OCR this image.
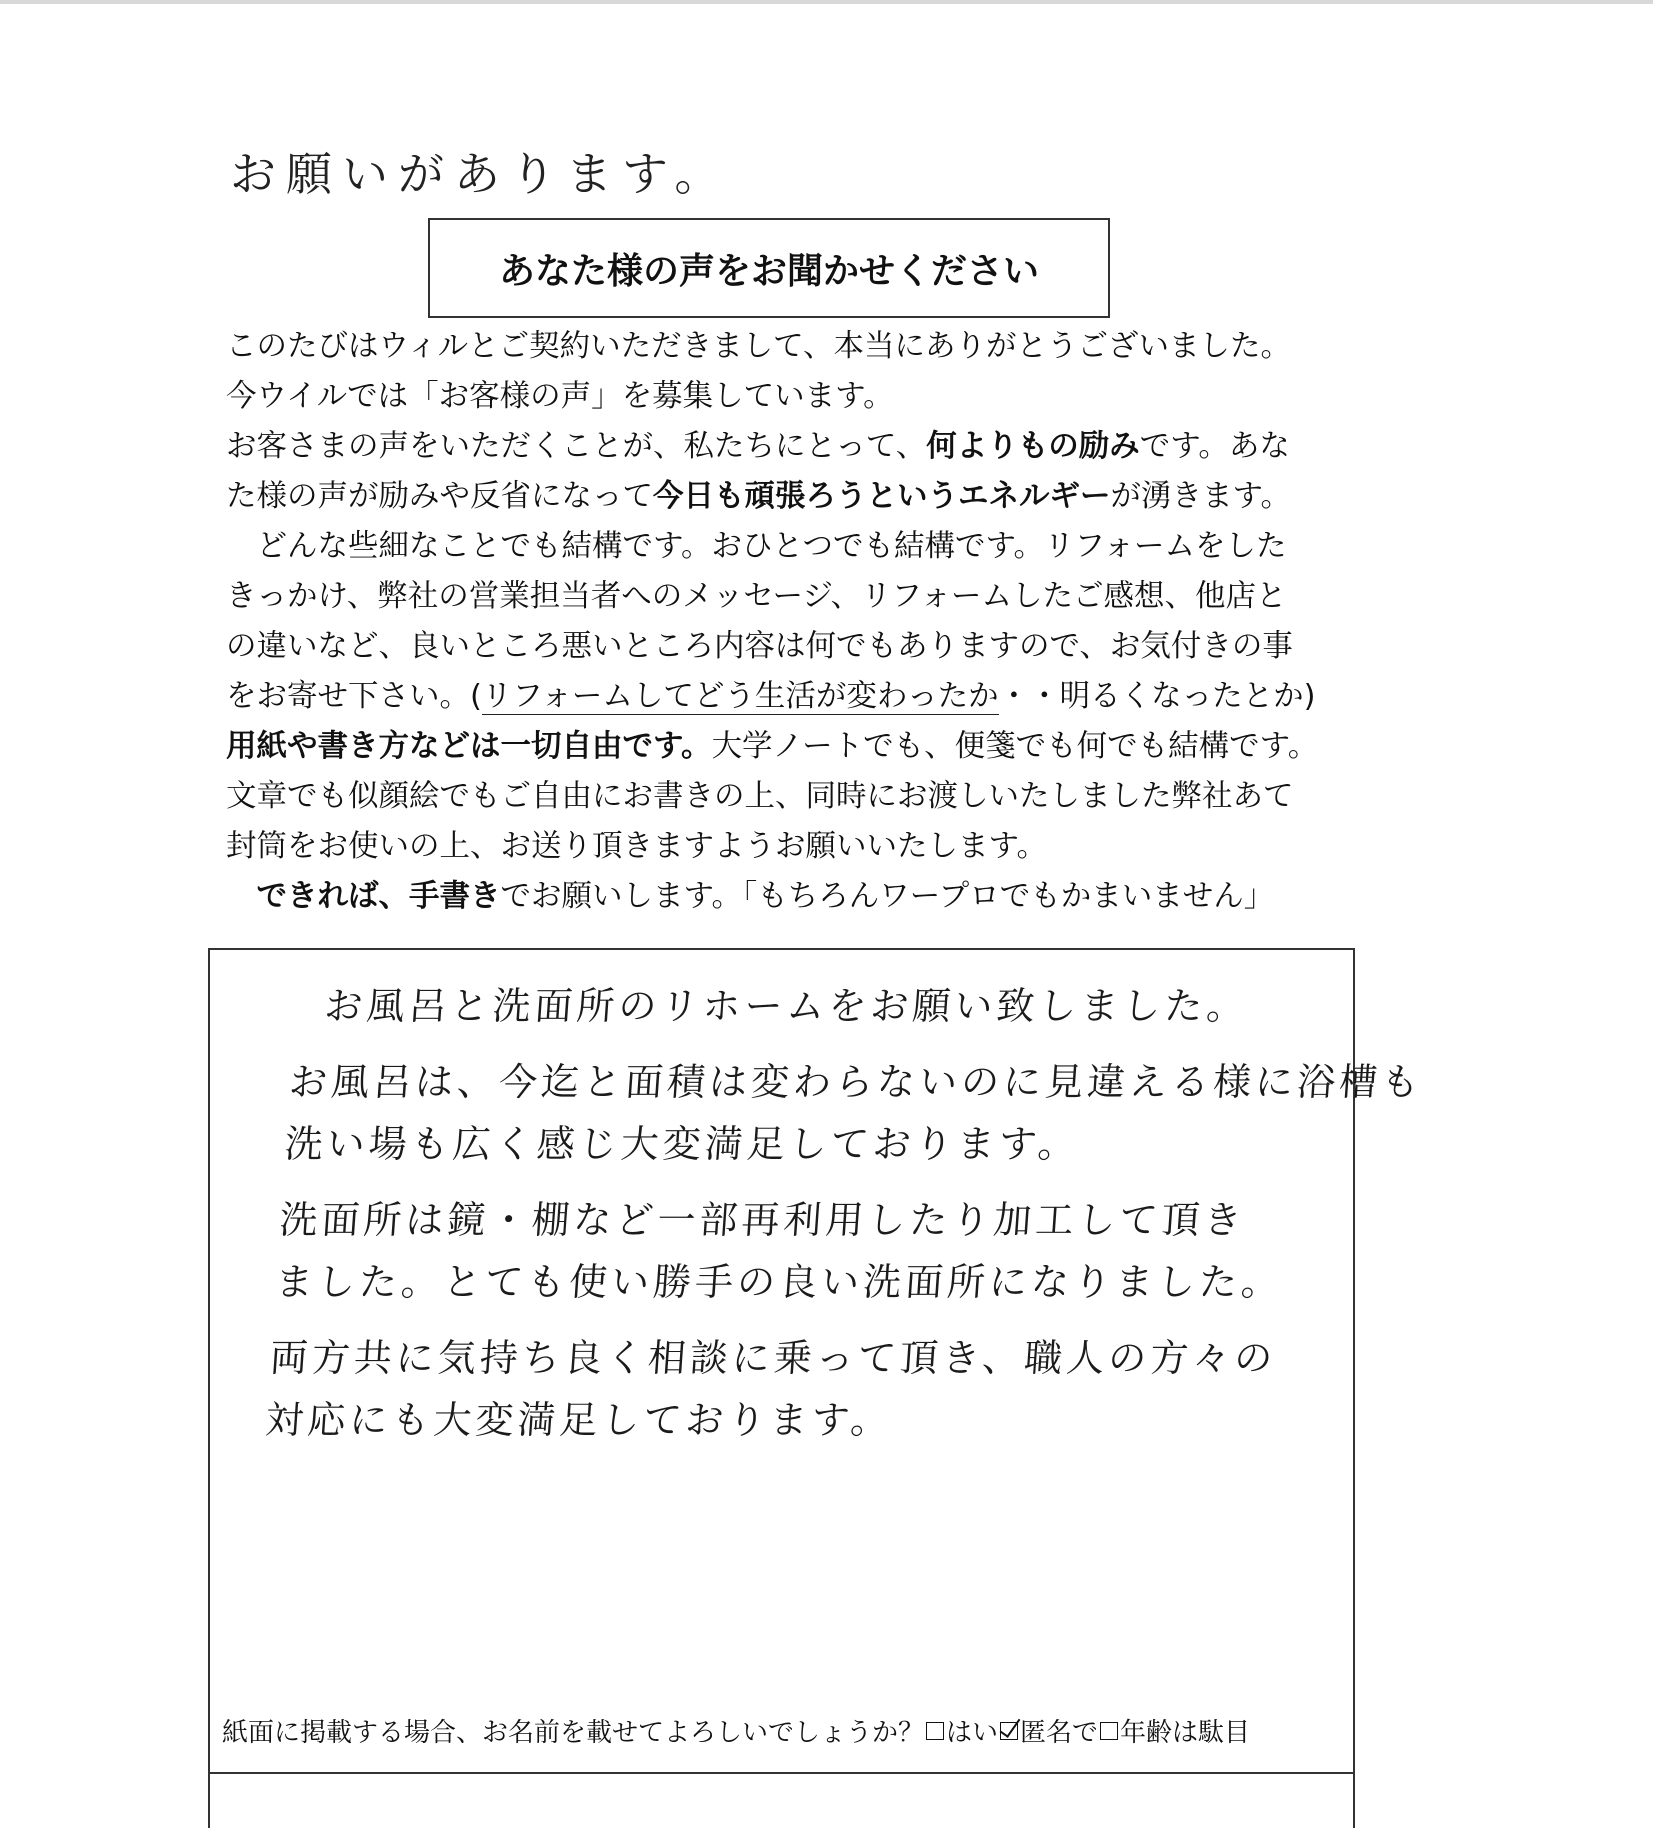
お願いがあります。
あなた様の声をお聞かせください
このたびはウィルとご契約いただきまして、本当にありがとうございました。
今ウイルでは「お客様の声」を募集しています。
お客さまの声をいただくことが、私たちにとって、何よりもの励みです。あな
た様の声が励みや反省になって今日も頑張ろうというエネルギーが湧きます。
　どんな些細なことでも結構です。おひとつでも結構です。リフォームをした
きっかけ、弊社の営業担当者へのメッセージ、リフォームしたご感想、他店と
の違いなど、良いところ悪いところ内容は何でもありますので、お気付きの事
をお寄せ下さい。(リフォームしてどう生活が変わったか・・明るくなったとか)
用紙や書き方などは一切自由です。大学ノートでも、便箋でも何でも結構です。
文章でも似顔絵でもご自由にお書きの上、同時にお渡しいたしました弊社あて
封筒をお使いの上、お送り頂きますようお願いいたします。
　できれば、手書きでお願いします。「もちろんワープロでもかまいません」
お風呂と洗面所のリホームをお願い致しました。
お風呂は、今迄と面積は変わらないのに見違える様に浴槽も
洗い場も広く感じ大変満足しております。
洗面所は鏡・棚など一部再利用したり加工して頂き
ました。とても使い勝手の良い洗面所になりました。
両方共に気持ち良く相談に乗って頂き、職人の方々の
対応にも大変満足しております。
紙面に掲載する場合、お名前を載せてよろしいでしょうか？ はい 匿名で 年齢は駄目
